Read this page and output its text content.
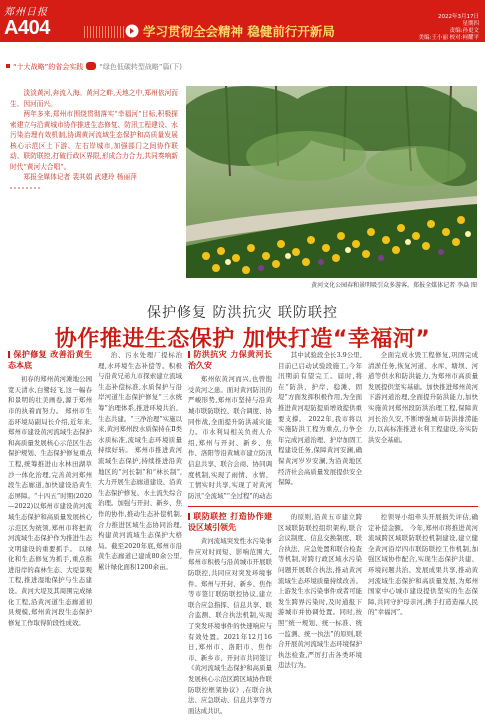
郑州日报
A404	学习贯彻全会精神 稳健前行开新局
2022年3月17日
星期四
责编:孙更文
美编:王小丽 校对:柯耀平
“十大战略”的省会实践 “绿色低碳转型战略”篇(下)

淡淡黄河,奔流入海。黄河之畔,天地之中,郑州依河而生、因河而兴。

两年多来,郑州市围绕贯彻落实“幸福河”目标,积极探索建立与沿黄城市协作推进生态修复、防汛工程建设、水污染治理有效机制,协调黄河流域生态保护和高质量发展核心示范区上下游、左右岸城市,加强部门之间协作联动、联防联控,打破行政区界限,形成合力合力,共同奏响新时代“黄河大合唱”。

郑报全媒体记者 裴其娟 武建玲 杨丽萍

黄河文化公园春和景明吸引众多游客。郑报全媒体记者 李焱 图
保护修复 防洪抗灾 联防联控
协作推进生态保护 加快打造“幸福河”

保护修复 改善沿黄生态本底

初春的郑州黄河滩地公园宽天清水,白鹭轻飞,这一幅春和景明的壮美画卷,源于郑州市的执着而努力。 郑州市生态环境局副局长介绍,近年来,郑州市建设黄河流域生态保护和高质量发展核心示范区生态保护规划、生态保护修复重点工程,统筹推进山水林田湖草沙一体化治理,完善黄河郑州段生态廊道,加快建设沿黄生态屏障。“十四五”时期(2020—2022)以郑州市建设黄河流域生态保护和高质量发展核心示范区为统领,郑州市将把黄河流域生态保护作为推进生态文明建设的重要抓手。 以绿化和生态修复为抓手,重点推进沿岸的森林生态、大堤景观工程,推进湿地保护与生态建设。黄河大堤及其周围完成绿化工程,沿黄河道生态廊道初具规模,郑州黄河段生态保护修复工作取得阶段性成效。

治、污水处理厂提标治理,水环境生态补偿等。积极与沿黄兄弟九市探索建立流域生态补偿标准,水质保护与沿岸河道生态保护修复“三水统筹”治理体系,推进环境共治、生态共建。“三净治理”实施以来,黄河郑州段水质保持在Ⅱ类水质标准,流域生态环境质量持续好转。 郑州市推进黄河流域生态保护,持续推进沿黄地区的“河长制”和“林长制”,大力开展生态廊道建设、沿黄生态保护修复、水土流失综合治理。加强与开封、新乡、焦作的协作,推动生态补偿机制,合力推进区域生态协同治理,构建黄河流域生态保护大格局。截至2020年底,郑州市沿黄生态廊道已建成80余公里,累计绿化面积1200余亩。

防洪抗灾 力保黄河长治久安

郑州依黄河而兴,也曾饱受黄河之患。面对黄河防汛的严峻形势,郑州市坚持与沿黄城市联防联控、联合调度、协同作战,全面提升防洪减灾能力。市水利局相关负责人介绍,郑州与开封、新乡、焦作、洛阳等沿黄城市建立防汛信息共享、联合会商、协同调度机制,实现了雨情、水情、工情实时共享,实现了对黄河防汛“全流域”“全过程”的动态

其中试验段全长3.9公里,目前已启动试验段施工,今年汛期前有望完工。届时,将在“防洪、护岸、稳滩、固堤”方面发挥积极作用,为全面推进黄河堤防提质增效提供重要支撑。 2022年,我市将以实施防洪工程为重点,力争全年完成河道治理、护岸加固工程建设任务,保障黄河安澜,确保黄河岁岁安澜,为沿黄地区经济社会高质量发展提供安全保障。

全面完成水毁工程修复,巩固完成清淤任务,恢复河道、水库、塘坝、河道等供水和防洪能力,为郑州市高质量发展提供坚实基础。加快推进郑州黄河下游河道治理,全面提升防洪能力,加快实施黄河郑州段防洪治理工程,保障黄河长治久安,不断增强城市防洪排涝能力,以高标准推进水利工程建设,夯实防洪安全基础。

联防联控 打造协作建设区域引领先

黄河流域突发性水污染事件应对时间短、影响范围大,郑州市积极与沿黄城市开展联防联控,共同应对突发环境事件。郑州与开封、新乡、焦作等市签订联防联控协议,建立联合应急指挥、信息共享、联合监测、联合执法机制,实现了突发环境事件的快速响应与有效处置。2021年12月16日,郑州市、洛阳市、焦作市、新乡市、开封市共同签订《黄河流域生态保护和高质量发展核心示范区跨区域协作联防联控框架协议》,在联合执法、应急联动、信息共享等方面达成共识。

的原则,沿黄五市建立跨区域联防联控组织架构,联合会议制度、信息交换制度、联合执法、应急处置和联合检查等机制,对跨行政区域水污染问题开展联合执法,推动黄河流域生态环境质量持续改善。上游发生水污染事件或者可能发生跨界污染时,及时通报下游城市并协调处置。同时,按照“统一规划、统一标准、统一监测、统一执法”的原则,联合开展黄河流域生态环境保护执法检查,严厉打击各类环境违法行为。

控领导小组牵头开展损失评估,确定补偿金额。 今年,郑州市将推进黄河流域跨区域联防联控机制建设,建立健全黄河沿岸四市联防联控工作机制,加强区域协作配合,实现生态保护共建、环境问题共治、发展成果共享,推动黄河流域生态保护和高质量发展,为郑州国家中心城市建设提供坚实的生态保障,共同守护母亲河,携手打造造福人民的“幸福河”。
